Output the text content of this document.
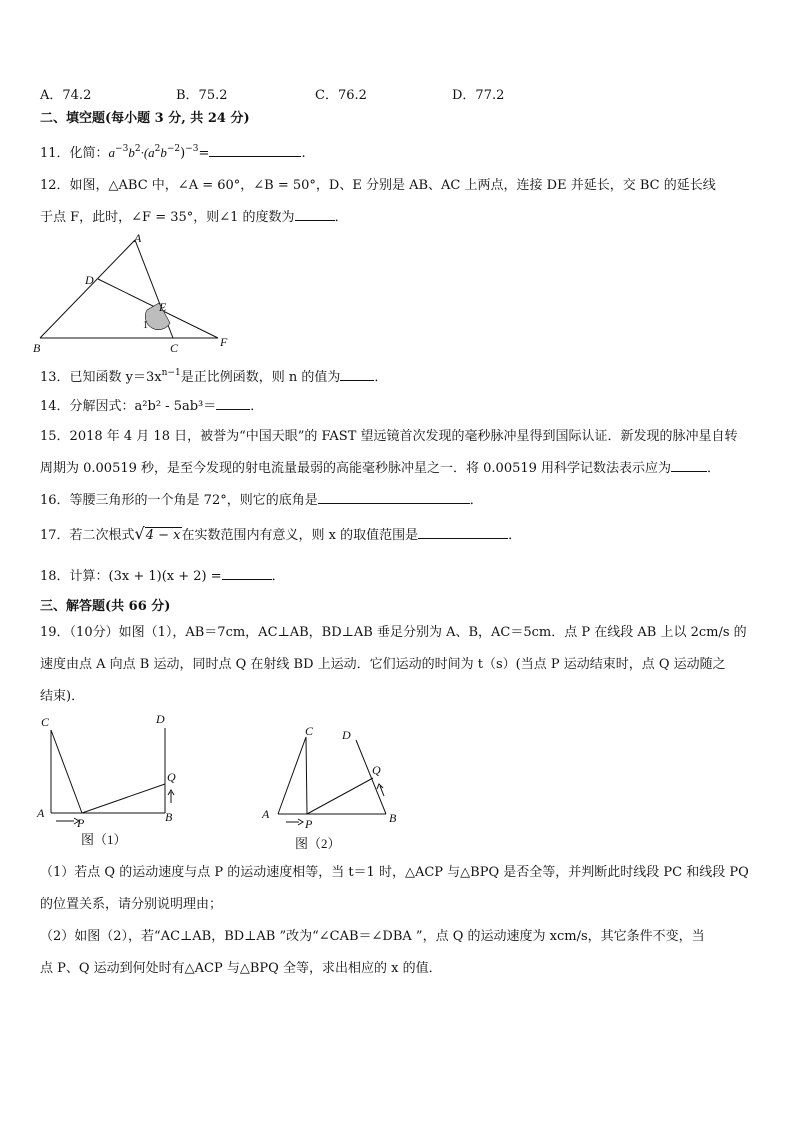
A．74.2	B．75.2	C．76.2	D．77.2
二、填空题(每小题 3 分, 共 24 分)
11．化简：$a^{-3}b^2\cdot(a^2b^{-2})^{-3}=$	.
12．如图，△ABC 中，∠A = 60°，∠B = 50°，D、E 分别是 AB、AC 上两点，连接 DE 并延长，交 BC 的延长线
于点 F，此时，∠F = 35°，则∠1 的度数为	．
A
B	C
D
E
F
1
13．已知函数 $y=3x^{n-1}$是正比例函数，则 n 的值为	．
14．分解因式：a²b² - 5ab³＝	．
15．2018 年 4 月 18 日，被誉为“中国天眼”的 FAST 望远镜首次发现的毫秒脉冲星得到国际认证．新发现的脉冲星自转
周期为 0.00519 秒，是至今发现的射电流量最弱的高能毫秒脉冲星之一．将 0.00519 用科学记数法表示应为	．
16．等腰三角形的一个角是 72°，则它的底角是	．
17．若二次根式√4 − x在实数范围内有意义，则 x 的取值范围是	．
18．计算：(3x + 1)(x + 2) =	．
三、解答题(共 66 分)
19．（10分）如图（1），AB＝7cm，AC⊥AB，BD⊥AB 垂足分别为 A、B，AC＝5cm．点 P 在线段 AB 上以 2cm/s 的
速度由点 A 向点 B 运动，同时点 Q 在射线 BD 上运动．它们运动的时间为 t（s）(当点 P 运动结束时，点 Q 运动随之
结束)．
C	D
A	B
P
Q
图（1）
C D
A	B
P
Q
图（2）
（1）若点 Q 的运动速度与点 P 的运动速度相等，当 t＝1 时，△ACP 与△BPQ 是否全等，并判断此时线段 PC 和线段 PQ
的位置关系，请分别说明理由；
（2）如图（2），若“AC⊥AB，BD⊥AB ”改为“∠CAB＝∠DBA ”，点 Q 的运动速度为 xcm/s，其它条件不变，当
点 P、Q 运动到何处时有△ACP 与△BPQ 全等，求出相应的 x 的值．
